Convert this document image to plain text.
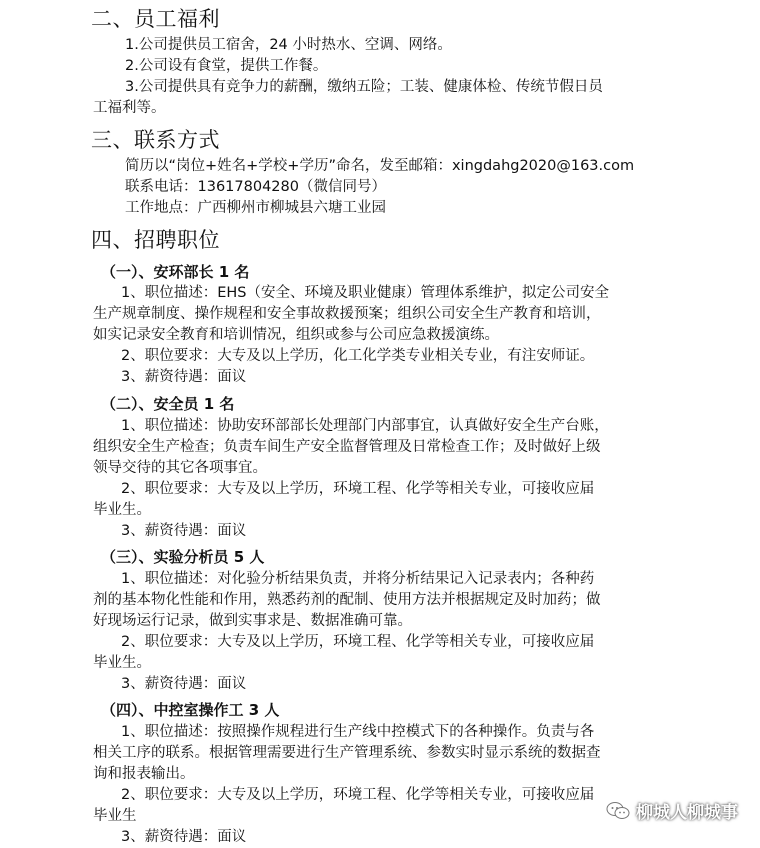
二、员工福利
1.公司提供员工宿舍，24 小时热水、空调、网络。
2.公司设有食堂，提供工作餐。
3.公司提供具有竞争力的薪酬，缴纳五险；工装、健康体检、传统节假日员
工福利等。
三、联系方式
简历以“岗位+姓名+学校+学历”命名，发至邮箱：xingdahg2020@163.com
联系电话：13617804280（微信同号）
工作地点：广西柳州市柳城县六塘工业园
四、招聘职位
（一）、安环部长 1 名
1、职位描述：EHS（安全、环境及职业健康）管理体系维护，拟定公司安全
生产规章制度、操作规程和安全事故救援预案；组织公司安全生产教育和培训，
如实记录安全教育和培训情况，组织或参与公司应急救援演练。
2、职位要求：大专及以上学历，化工化学类专业相关专业，有注安师证。
3、薪资待遇：面议
（二）、安全员 1 名
1、职位描述：协助安环部部长处理部门内部事宜，认真做好安全生产台账，
组织安全生产检查；负责车间生产安全监督管理及日常检查工作；及时做好上级
领导交待的其它各项事宜。
2、职位要求：大专及以上学历，环境工程、化学等相关专业，可接收应届
毕业生。
3、薪资待遇：面议
（三）、实验分析员 5 人
1、职位描述：对化验分析结果负责，并将分析结果记入记录表内；各种药
剂的基本物化性能和作用，熟悉药剂的配制、使用方法并根据规定及时加药；做
好现场运行记录，做到实事求是、数据准确可靠。
2、职位要求：大专及以上学历，环境工程、化学等相关专业，可接收应届
毕业生。
3、薪资待遇：面议
（四）、中控室操作工 3 人
1、职位描述：按照操作规程进行生产线中控模式下的各种操作。负责与各
相关工序的联系。根据管理需要进行生产管理系统、参数实时显示系统的数据查
询和报表输出。
2、职位要求：大专及以上学历，环境工程、化学等相关专业，可接收应届
毕业生
3、薪资待遇：面议
柳城人柳城事
